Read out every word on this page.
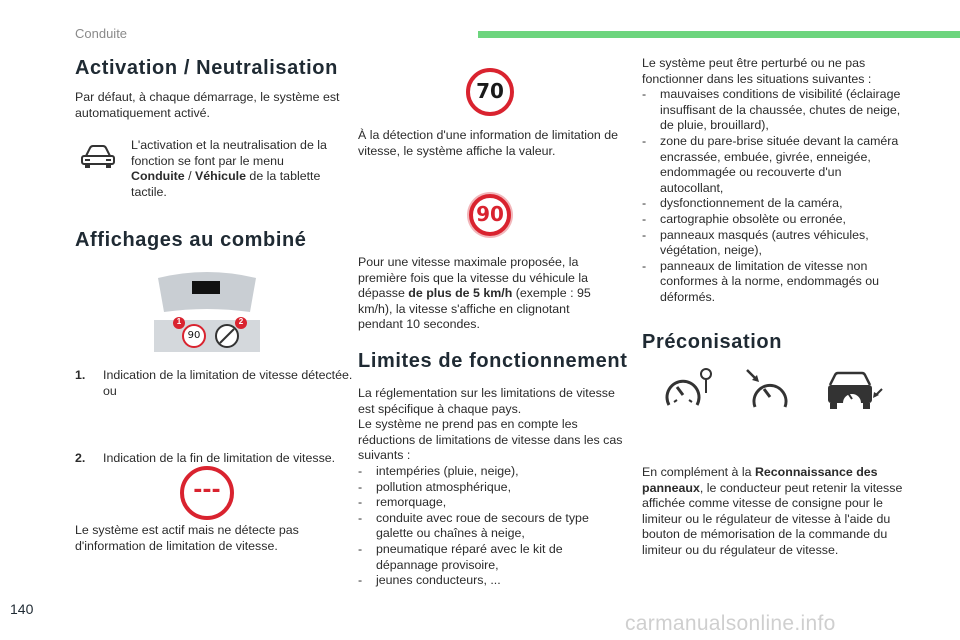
Conduite
Activation / Neutralisation
Par défaut, à chaque démarrage, le système est automatiquement activé.
L'activation et la neutralisation de la fonction se font par le menu Conduite / Véhicule de la tablette tactile.
Affichages au combiné
90
1	2
1. Indication de la limitation de vitesse détectée.
ou
2. Indication de la fin de limitation de vitesse.
---
Le système est actif mais ne détecte pas d'information de limitation de vitesse.
70
À la détection d'une information de limitation de vitesse, le système affiche la valeur.
90
Pour une vitesse maximale proposée, la première fois que la vitesse du véhicule la dépasse de plus de 5 km/h (exemple : 95 km/h), la vitesse s'affiche en clignotant pendant 10 secondes.
Limites de fonctionnement
La réglementation sur les limitations de vitesse est spécifique à chaque pays.
Le système ne prend pas en compte les réductions de limitations de vitesse dans les cas suivants :
- intempéries (pluie, neige),
- pollution atmosphérique,
- remorquage,
- conduite avec roue de secours de type galette ou chaînes à neige,
- pneumatique réparé avec le kit de dépannage provisoire,
- jeunes conducteurs, ...
Le système peut être perturbé ou ne pas fonctionner dans les situations suivantes :
- mauvaises conditions de visibilité (éclairage insuffisant de la chaussée, chutes de neige, de pluie, brouillard),
- zone du pare-brise située devant la caméra encrassée, embuée, givrée, enneigée, endommagée ou recouverte d'un autocollant,
- dysfonctionnement de la caméra,
- cartographie obsolète ou erronée,
- panneaux masqués (autres véhicules, végétation, neige),
- panneaux de limitation de vitesse non conformes à la norme, endommagés ou déformés.
Préconisation
En complément à la Reconnaissance des panneaux, le conducteur peut retenir la vitesse affichée comme vitesse de consigne pour le limiteur ou le régulateur de vitesse à l'aide du bouton de mémorisation de la commande du limiteur ou du régulateur de vitesse.
140
carmanualsonline.info
